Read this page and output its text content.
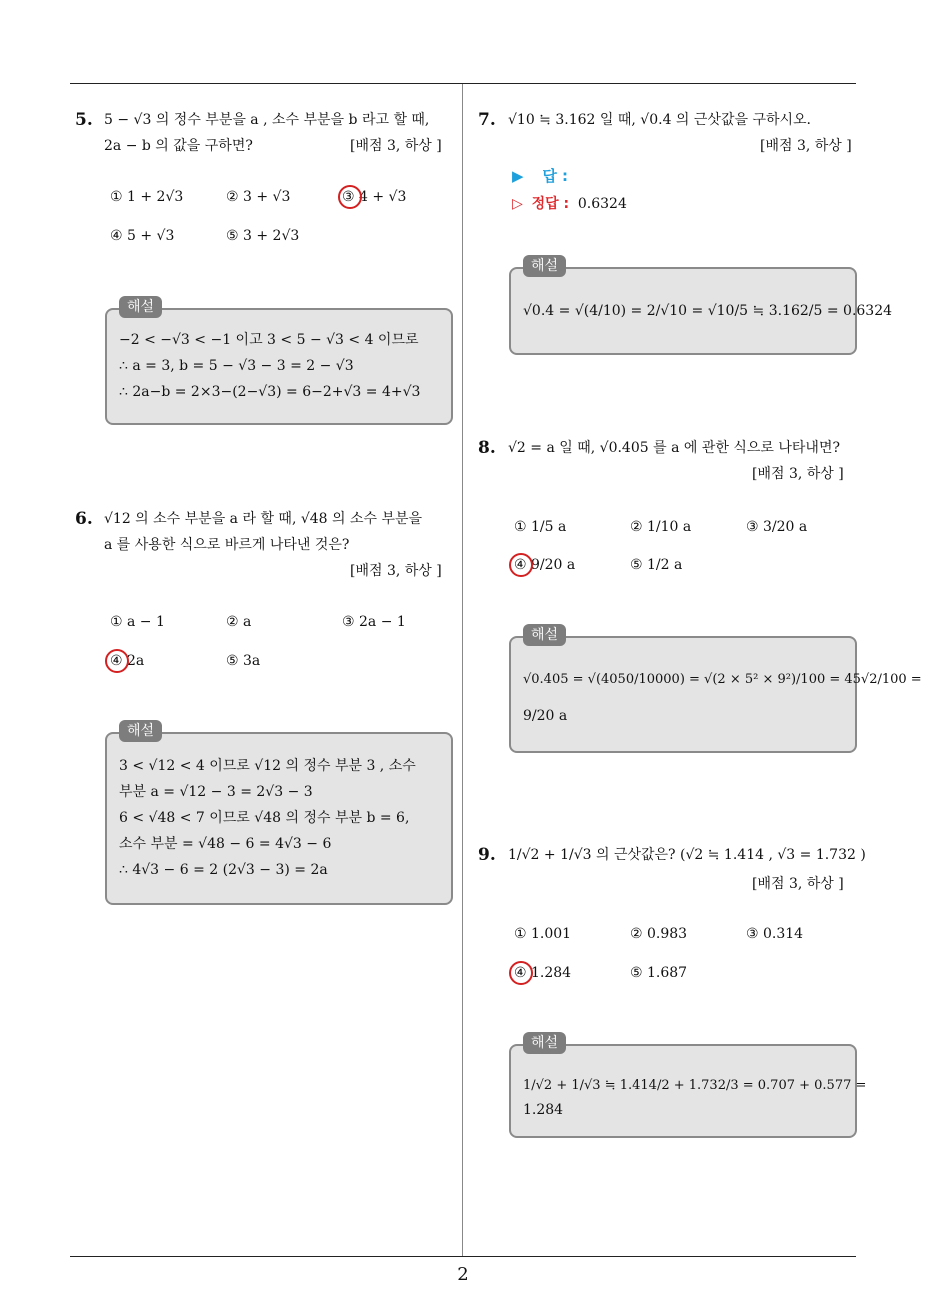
2
5. 5 − √3 의 정수 부분을 a , 소수 부분을 b 라고 할 때,
2a − b 의 값을 구하면?	[배점 3, 하상 ]
① 1 + 2√3	② 3 + √3	③ 4 + √3
④ 5 + √3	⑤ 3 + 2√3
해설
−2 < −√3 < −1 이고 3 < 5 − √3 < 4 이므로
∴ a = 3, b = 5 − √3 − 3 = 2 − √3
∴ 2a−b = 2×3−(2−√3) = 6−2+√3 = 4+√3
6. √12 의 소수 부분을 a 라 할 때, √48 의 소수 부분을
a 를 사용한 식으로 바르게 나타낸 것은?
[배점 3, 하상 ]
① a − 1	② a	③ 2a − 1
④ 2a	⑤ 3a
해설
3 < √12 < 4 이므로 √12 의 정수 부분 3 , 소수
부분 a = √12 − 3 = 2√3 − 3
6 < √48 < 7 이므로 √48 의 정수 부분 b = 6,
소수 부분 = √48 − 6 = 4√3 − 6
∴ 4√3 − 6 = 2 (2√3 − 3) = 2a
7. √10 ≒ 3.162 일 때, √0.4 의 근삿값을 구하시오.
[배점 3, 하상 ]
▶ 답 :
▷ 정답 : 0.6324
해설
√0.4 = √(4/10) = 2/√10 = √10/5 ≒ 3.162/5 = 0.6324
8. √2 = a 일 때, √0.405 를 a 에 관한 식으로 나타내면?
[배점 3, 하상 ]
① 1/5 a	② 1/10 a	③ 3/20 a
④ 9/20 a	⑤ 1/2 a
해설
√0.405 = √(4050/10000) = √(2 × 5² × 9²)/100 = 45√2/100 =
9/20 a
9. 1/√2 + 1/√3 의 근삿값은? (√2 ≒ 1.414 , √3 = 1.732 )
[배점 3, 하상 ]
① 1.001	② 0.983	③ 0.314
④ 1.284	⑤ 1.687
해설
1/√2 + 1/√3 ≒ 1.414/2 + 1.732/3 = 0.707 + 0.577 =
1.284
